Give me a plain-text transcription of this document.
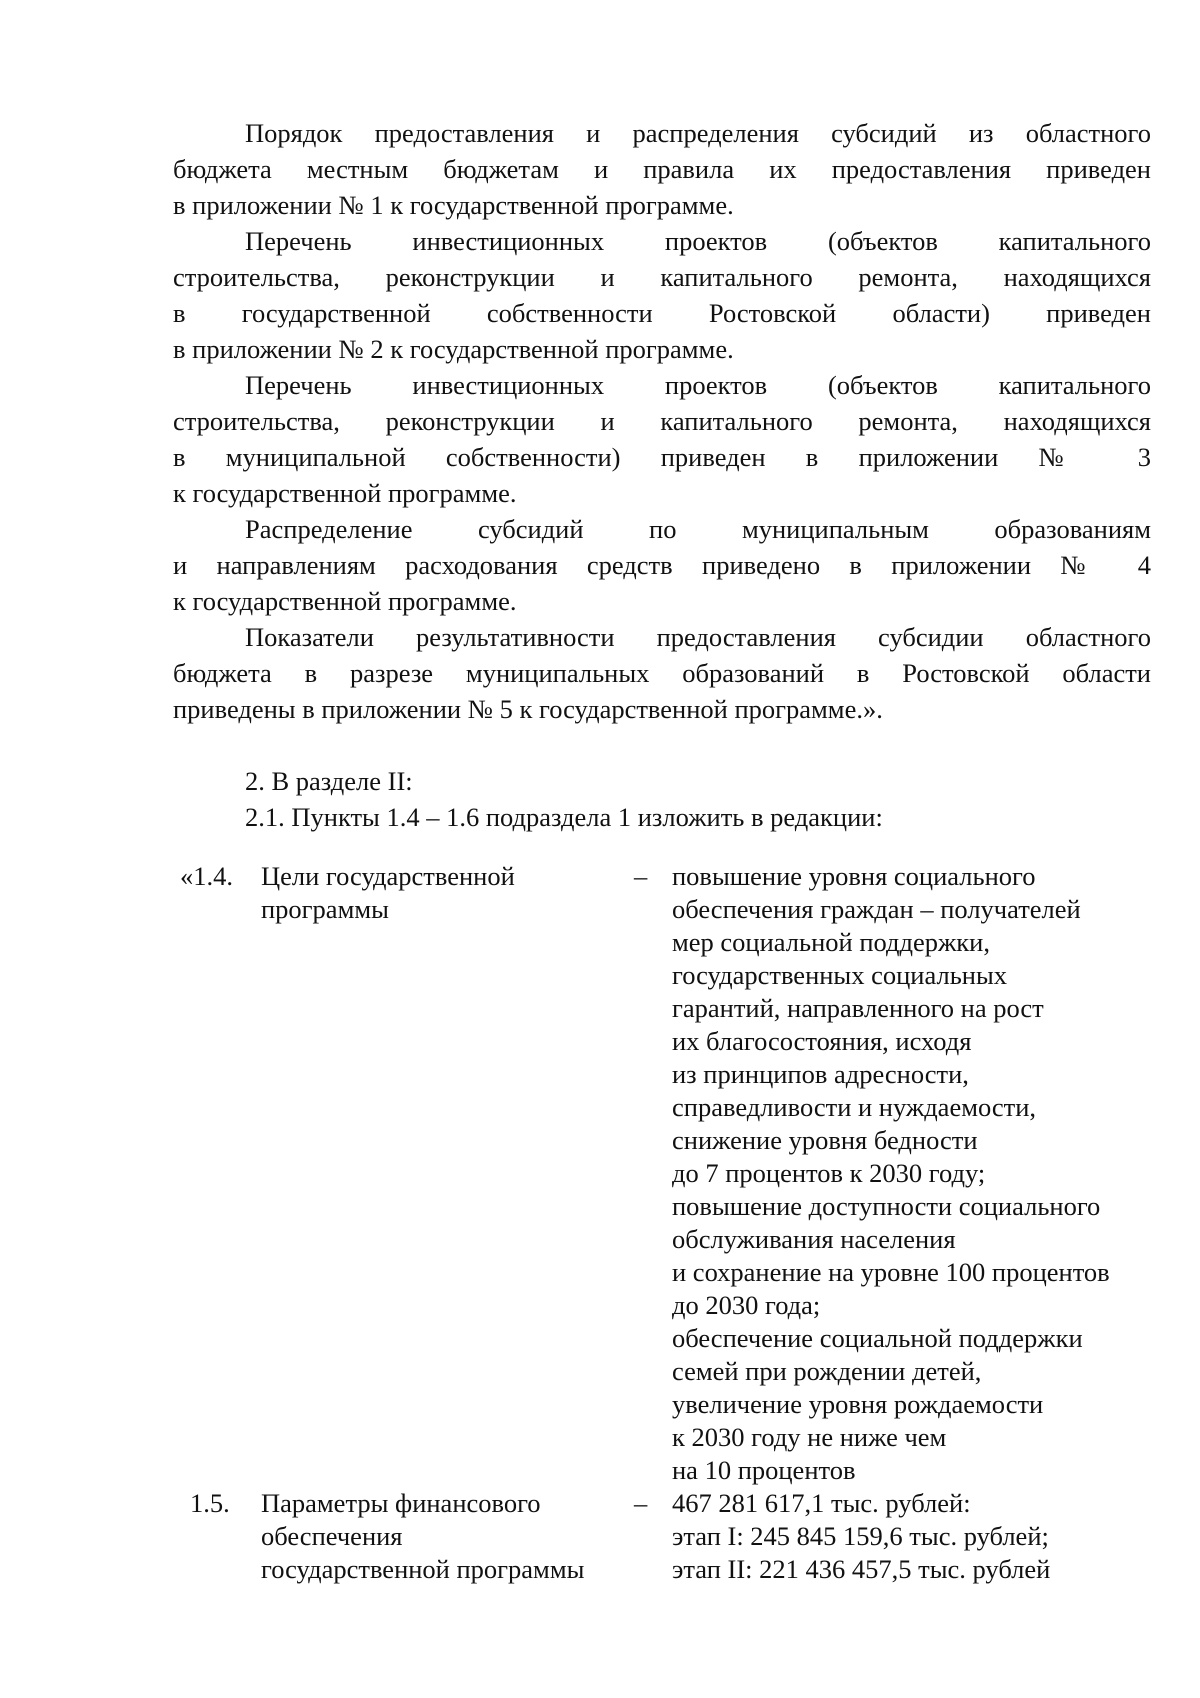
Порядок предоставления и распределения субсидий из областного
бюджета местным бюджетам и правила их предоставления приведен
в приложении № 1 к государственной программе.
Перечень инвестиционных проектов (объектов капитального
строительства, реконструкции и капитального ремонта, находящихся
в государственной собственности Ростовской области) приведен
в приложении № 2 к государственной программе.
Перечень инвестиционных проектов (объектов капитального
строительства, реконструкции и капитального ремонта, находящихся
в муниципальной собственности) приведен в приложении № 3
к государственной программе.
Распределение субсидий по муниципальным образованиям
и направлениям расходования средств приведено в приложении № 4
к государственной программе.
Показатели результативности предоставления субсидии областного
бюджета в разрезе муниципальных образований в Ростовской области
приведены в приложении № 5 к государственной программе.».
2. В разделе II:
2.1. Пункты 1.4 – 1.6 подраздела 1 изложить в редакции:
«1.4. Цели государственной
программы
– повышение уровня социального
обеспечения граждан – получателей
мер социальной поддержки,
государственных социальных
гарантий, направленного на рост
их благосостояния, исходя
из принципов адресности,
справедливости и нуждаемости,
снижение уровня бедности
до 7 процентов к 2030 году;
повышение доступности социального
обслуживания населения
и сохранение на уровне 100 процентов
до 2030 года;
обеспечение социальной поддержки
семей при рождении детей,
увеличение уровня рождаемости
к 2030 году не ниже чем
на 10 процентов
1.5. Параметры финансового
обеспечения
государственной программы
– 467 281 617,1 тыс. рублей:
этап I: 245 845 159,6 тыс. рублей;
этап II: 221 436 457,5 тыс. рублей
